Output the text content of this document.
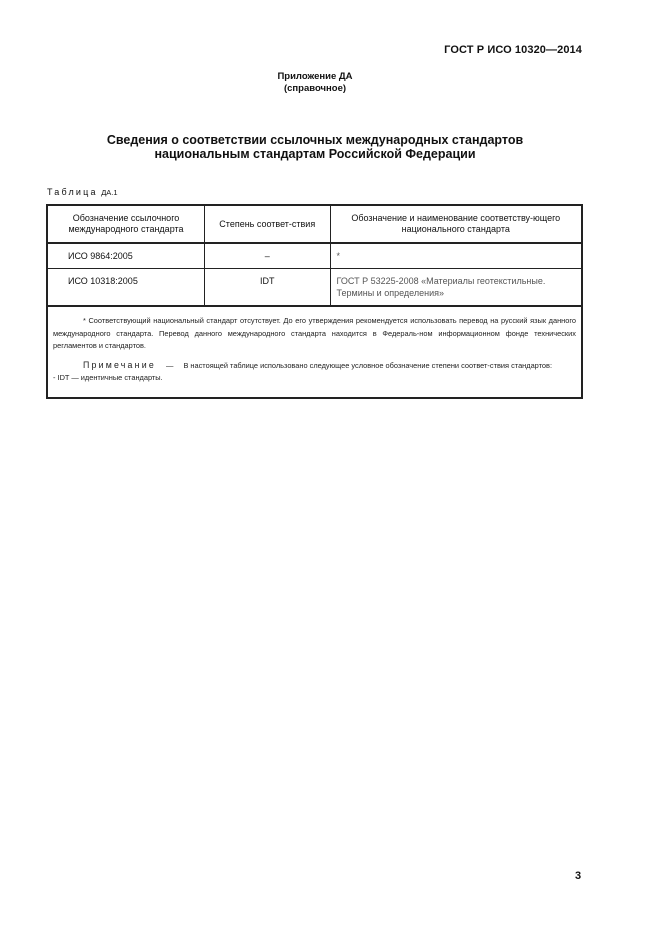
ГОСТ Р ИСО 10320—2014
Приложение ДА
(справочное)
Сведения о соответствии ссылочных международных стандартов
национальным стандартам Российской Федерации
Таблица ДА.1
Обозначение ссылочного международного стандарта	Степень соответ-ствия	Обозначение и наименование соответству-ющего национального стандарта
ИСО 9864:2005	–	*
ИСО 10318:2005	IDT	ГОСТ Р 53225-2008 «Материалы геотекстильные. Термины и определения»

* Соответствующий национальный стандарт отсутствует. До его утверждения рекомендуется использовать перевод на русский язык данного международного стандарта. Перевод данного международного стандарта находится в Федераль-ном информационном фонде технических регламентов и стандартов.
Примечание — В настоящей таблице использовано следующее условное обозначение степени соответ-ствия стандартов:
- IDT — идентичные стандарты.		
3
